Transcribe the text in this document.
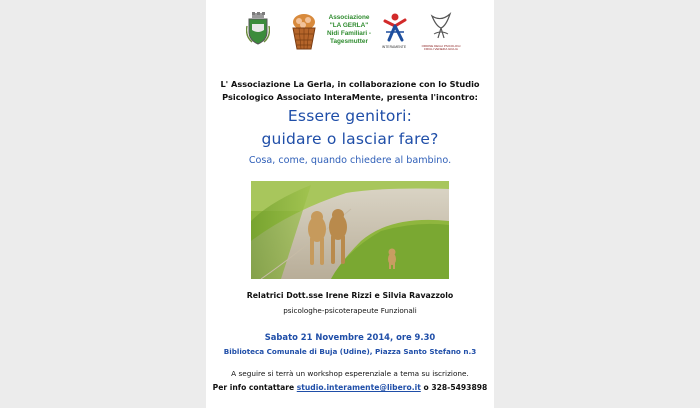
Associazione
"LA GERLA"
Nidi Familiari -
Tagesmutter
INTERAMENTE	ORDINE DEGLI PSICOLOGI
FRIULI VENEZIA GIULIA
L' Associazione La Gerla, in collaborazione con lo Studio
Psicologico Associato InteraMente, presenta l'incontro:
Essere genitori:
guidare o lasciar fare?
Cosa, come, quando chiedere al bambino.
Relatrici Dott.sse Irene Rizzi e Silvia Ravazzolo
psicologhe-psicoterapeute Funzionali
Sabato 21 Novembre 2014, ore 9.30
Biblioteca Comunale di Buja (Udine), Piazza Santo Stefano n.3
A seguire si terrà un workshop esperenziale a tema su iscrizione.
Per info contattare studio.interamente@libero.it o 328-5493898
